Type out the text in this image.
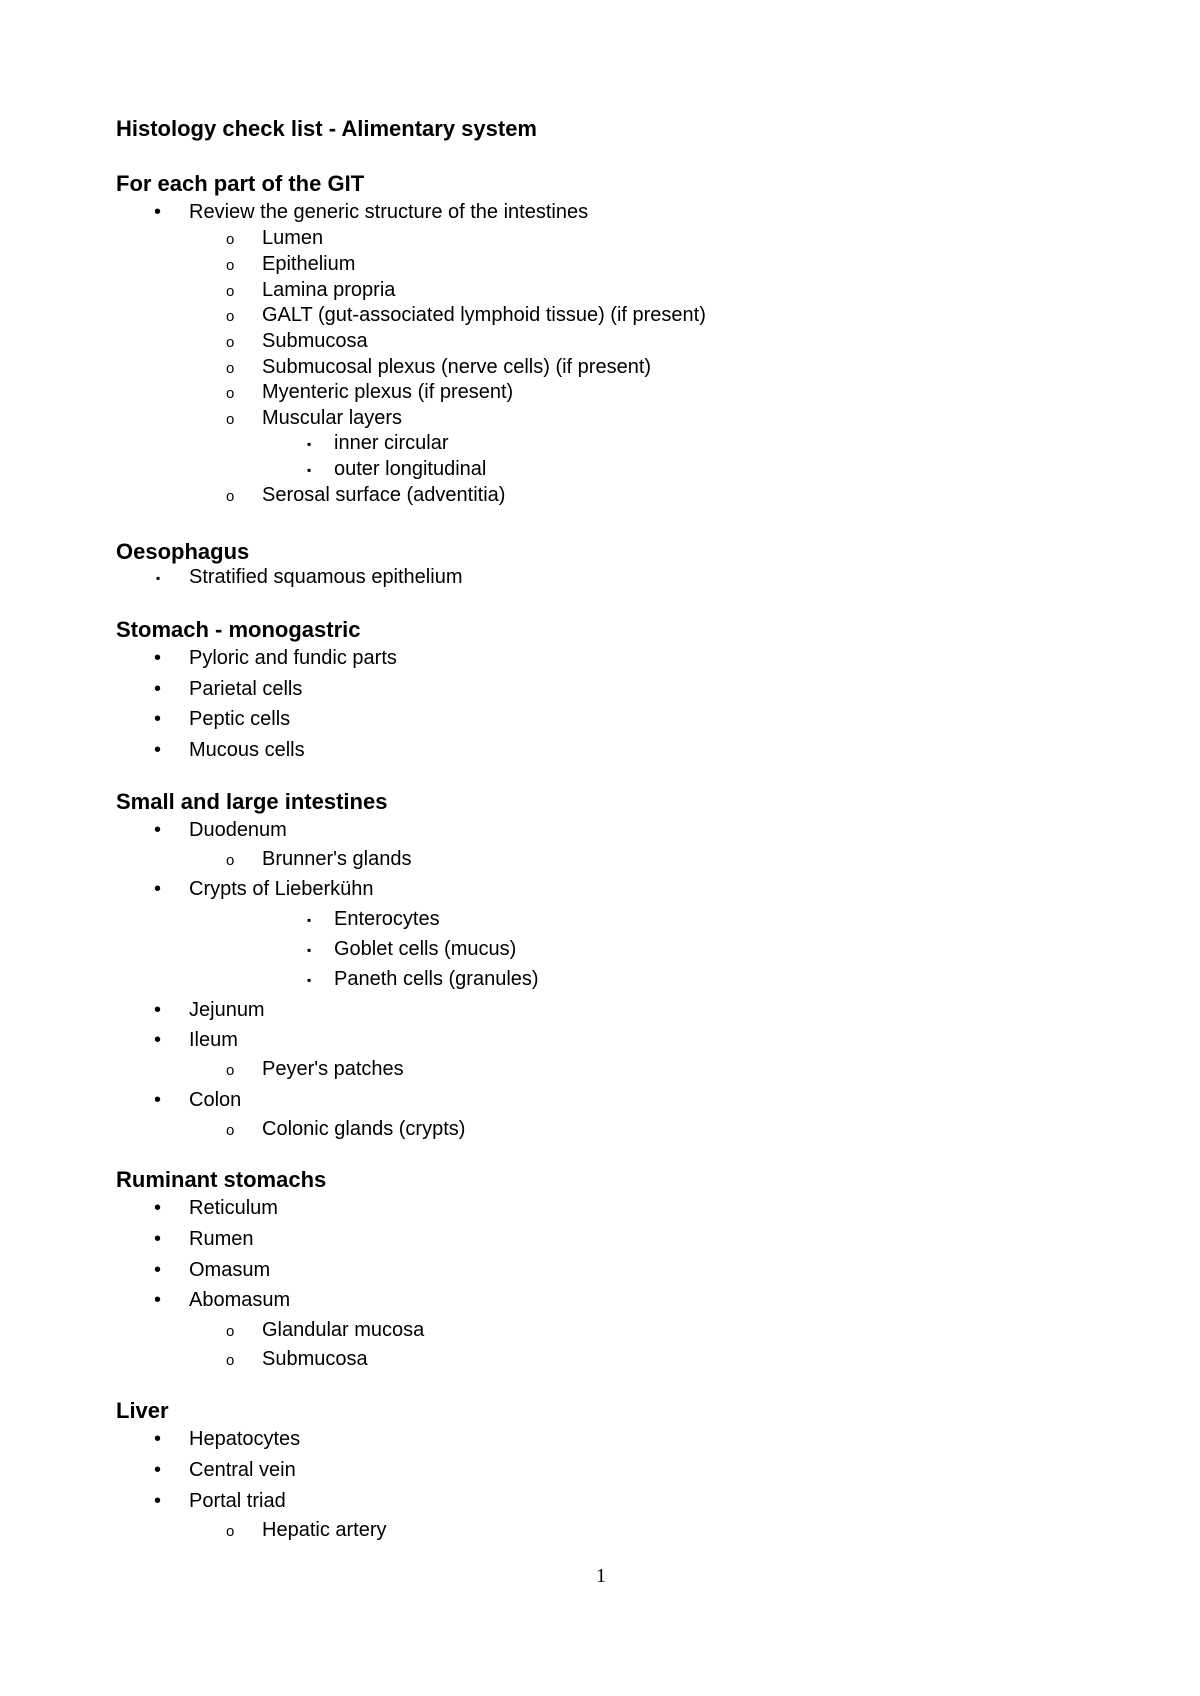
Histology check list - Alimentary system
For each part of the GIT
• Review the generic structure of the intestines
o Lumen
o Epithelium
o Lamina propria
o GALT (gut-associated lymphoid tissue) (if present)
o Submucosa
o Submucosal plexus (nerve cells) (if present)
o Myenteric plexus (if present)
o Muscular layers
▪ inner circular
▪ outer longitudinal
o Serosal surface (adventitia)
Oesophagus
▪ Stratified squamous epithelium
Stomach - monogastric
• Pyloric and fundic parts
• Parietal cells
• Peptic cells
• Mucous cells
Small and large intestines
• Duodenum
o Brunner's glands
• Crypts of Lieberkühn
▪ Enterocytes
▪ Goblet cells (mucus)
▪ Paneth cells (granules)
• Jejunum
• Ileum
o Peyer's patches
• Colon
o Colonic glands (crypts)
Ruminant stomachs
• Reticulum
• Rumen
• Omasum
• Abomasum
o Glandular mucosa
o Submucosa
Liver
• Hepatocytes
• Central vein
• Portal triad
o Hepatic artery
1
